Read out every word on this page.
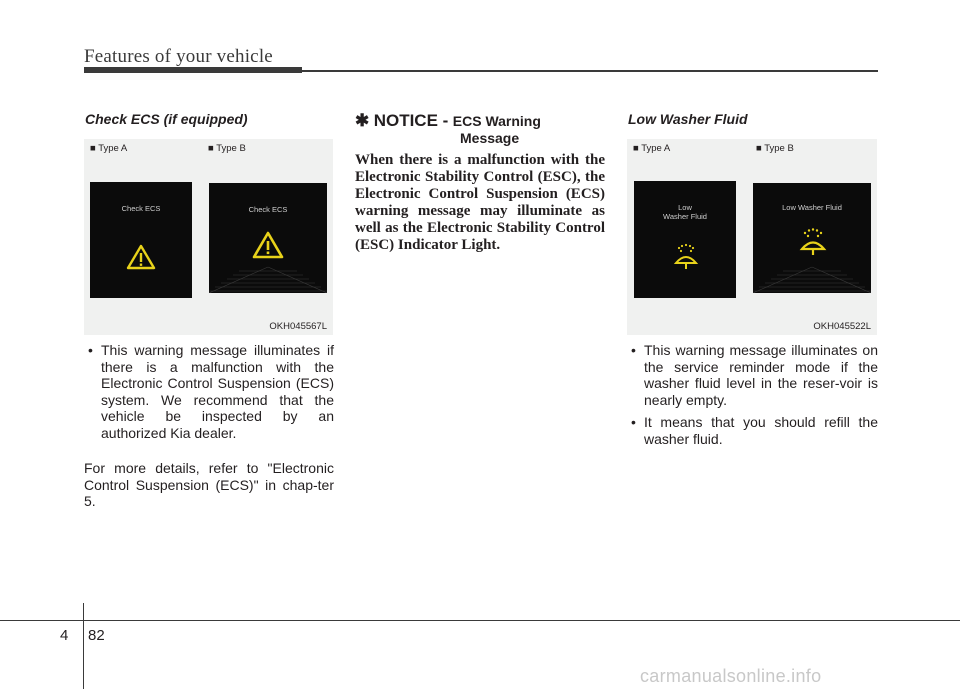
Features of your vehicle
Check ECS (if equipped)
■ Type A	■ Type B
Check ECS	Check ECS
OKH045567L
• This warning message illuminates if there is a malfunction with the Electronic Control Suspension (ECS) system. We recommend that the vehicle be inspected by an authorized Kia dealer.
For more details, refer to "Electronic Control Suspension (ECS)" in chap-ter 5.
✱ NOTICE - ECS Warning
Message
When there is a malfunction with the Electronic Stability Control (ESC), the Electronic Control Suspension (ECS) warning message may illuminate as well as the Electronic Stability Control (ESC) Indicator Light.
Low Washer Fluid
■ Type A	■ Type B
Low
Washer Fluid
Low Washer Fluid
OKH045522L
• This warning message illuminates on the service reminder mode if the washer fluid level in the reser-voir is nearly empty.
• It means that you should refill the washer fluid.
4 82
carmanualsonline.info
